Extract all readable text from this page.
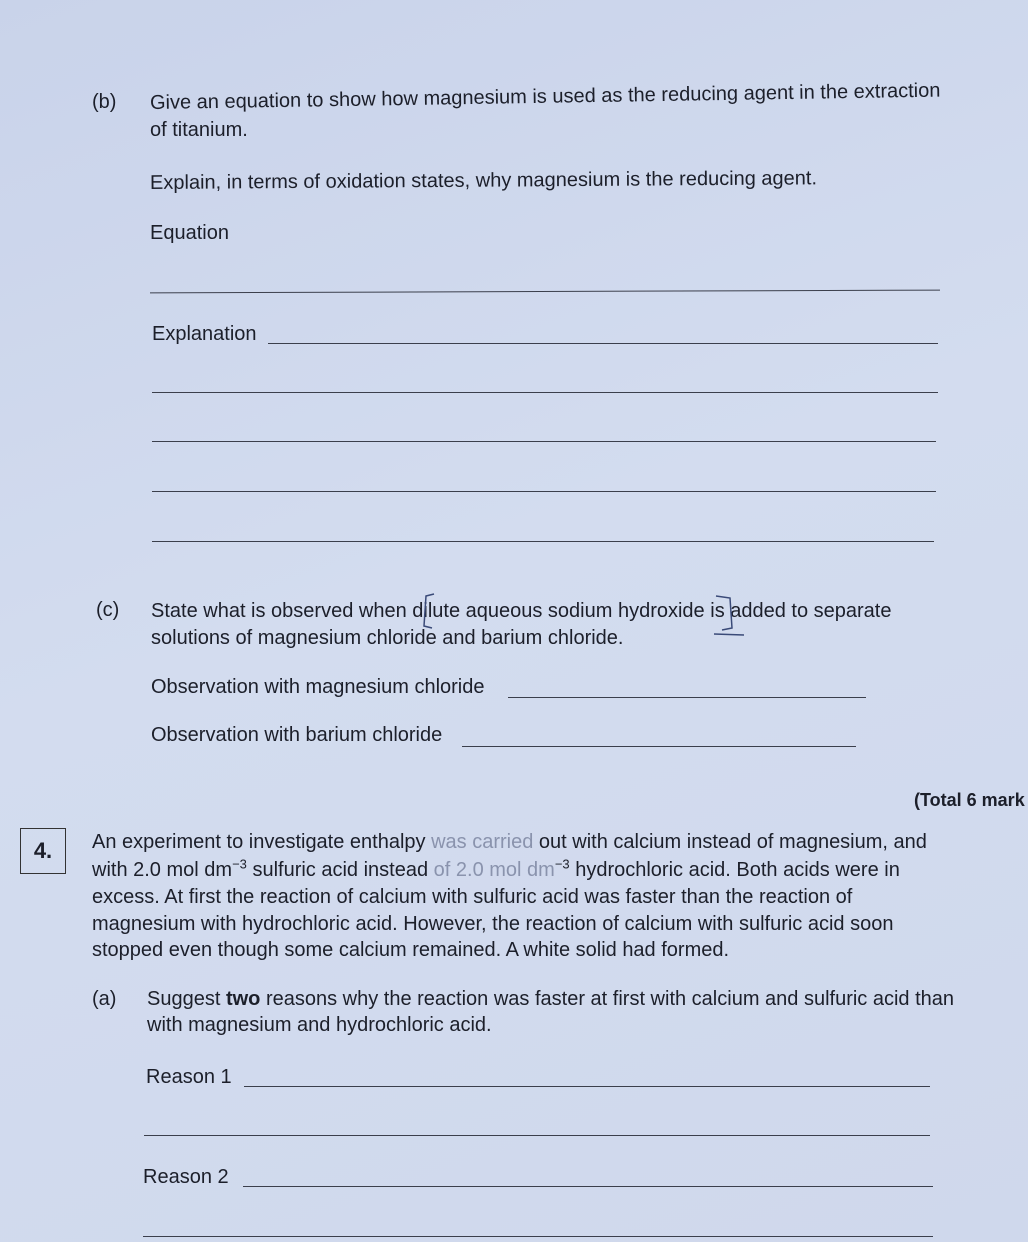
(b) Give an equation to show how magnesium is used as the reducing agent in the extraction
of titanium.
Explain, in terms of oxidation states, why magnesium is the reducing agent.
Equation
Explanation
(c) State what is observed when dilute aqueous sodium hydroxide is added to separate
solutions of magnesium chloride and barium chloride.
Observation with magnesium chloride
Observation with barium chloride
(Total 6 mark
4. An experiment to investigate enthalpy was carried out with calcium instead of magnesium, and
with 2.0 mol $dm^{-3}$ sulfuric acid instead of 2.0 mol $dm^{-3}$ hydrochloric acid. Both acids were in
excess. At first the reaction of calcium with sulfuric acid was faster than the reaction of
magnesium with hydrochloric acid. However, the reaction of calcium with sulfuric acid soon
stopped even though some calcium remained. A white solid had formed.
(a) Suggest two reasons why the reaction was faster at first with calcium and sulfuric acid than
with magnesium and hydrochloric acid.
Reason 1
Reason 2
